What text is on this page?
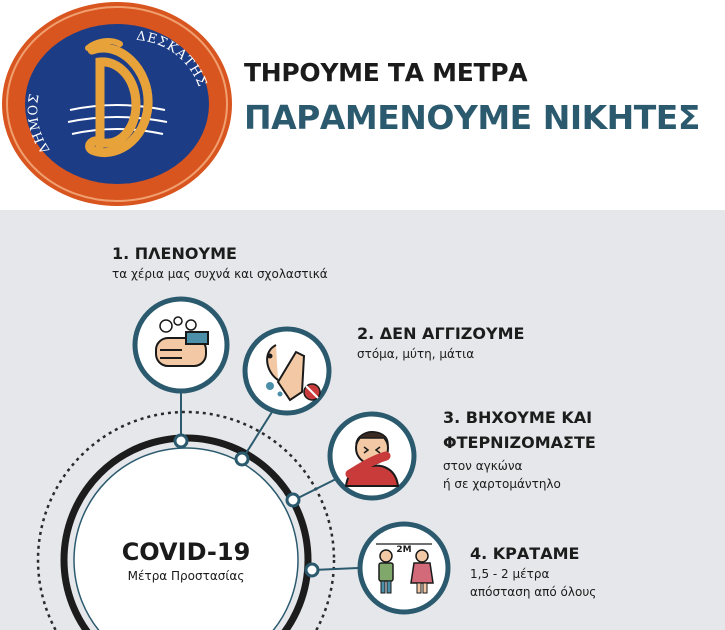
ΔΗΜΟΣ
ΔΕΣΚΑΤΗΣ
2M
ΤΗΡΟΥΜΕ ΤΑ ΜΕΤΡΑ
ΠΑΡΑΜΕΝΟΥΜΕ ΝΙΚΗΤΕΣ
1. ΠΛΕΝΟΥΜΕ
τα χέρια μας συχνά και σχολαστικά
2. ΔΕΝ ΑΓΓΙΖΟΥΜΕ
στόμα, μύτη, μάτια
3. ΒΗΧΟΥΜΕ ΚΑΙ
ΦΤΕΡΝΙΖΟΜΑΣΤΕ
στον αγκώνα
ή σε χαρτομάντηλο
4. ΚΡΑΤΑΜΕ
1,5 - 2 μέτρα
απόσταση από όλους
COVID-19
Μέτρα Προστασίας
